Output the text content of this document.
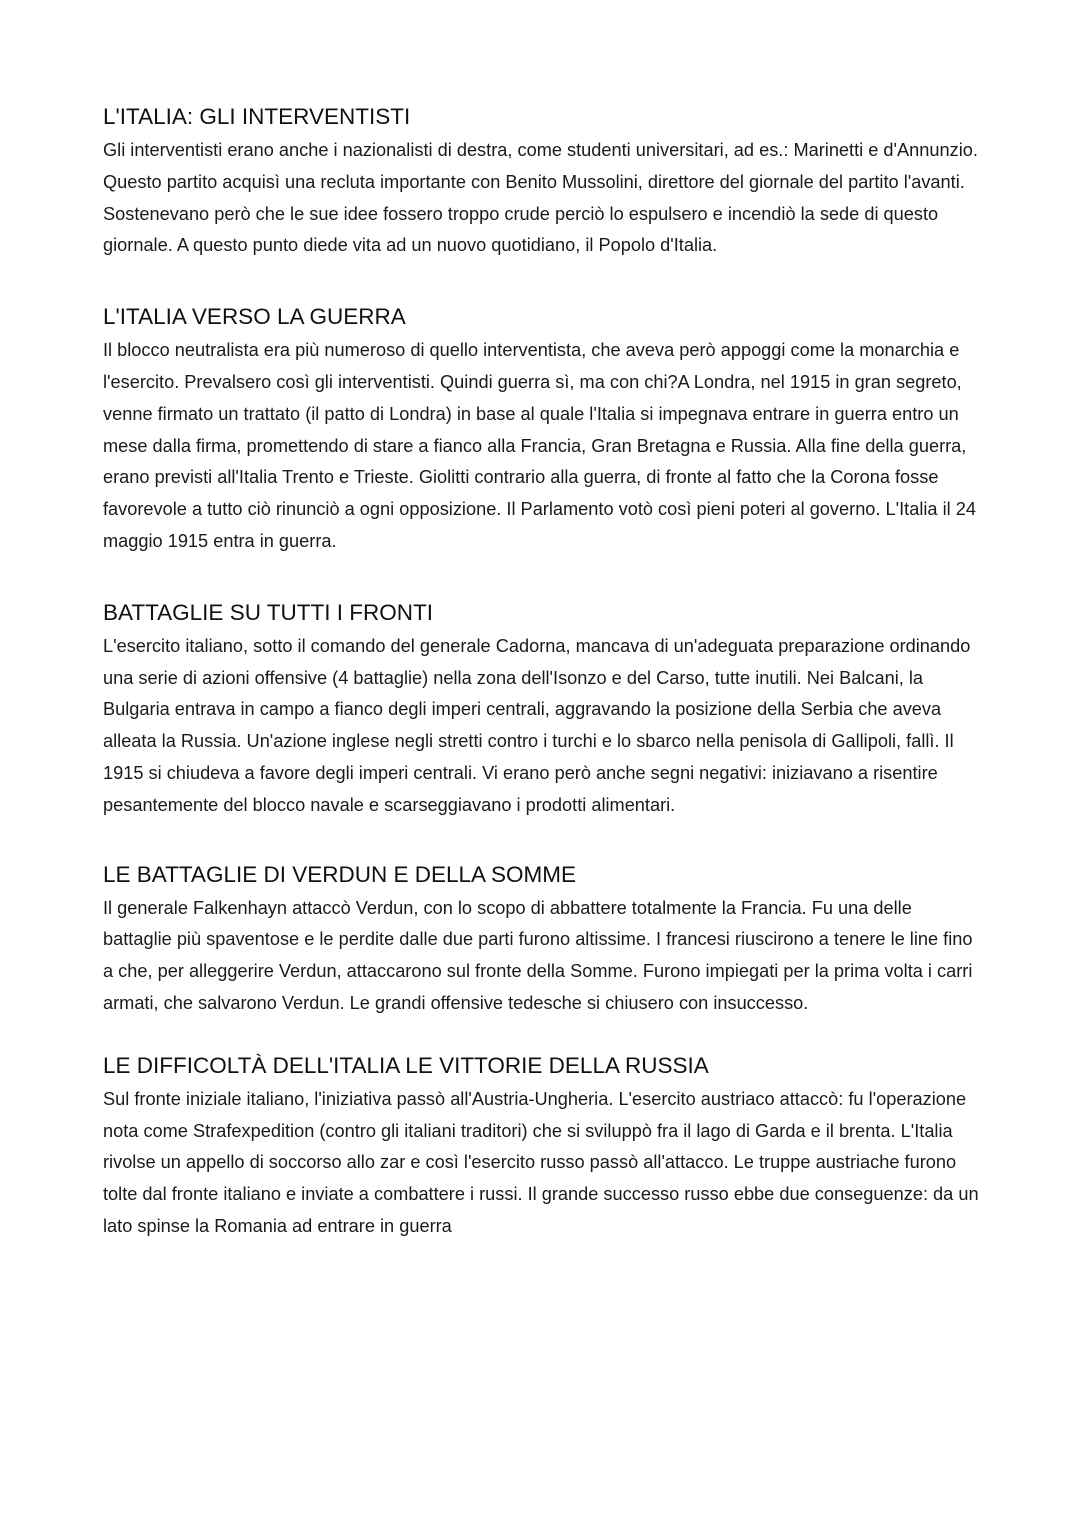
L'ITALIA: GLI INTERVENTISTI

Gli interventisti erano anche i nazionalisti di destra, come studenti universitari, ad es.: Marinetti e d'Annunzio. Questo partito acquisì una recluta importante con Benito Mussolini, direttore del giornale del partito l'avanti. Sostenevano però che le sue idee fossero troppo crude perciò lo espulsero e incendiò la sede di questo giornale. A questo punto diede vita ad un nuovo quotidiano, il Popolo d'Italia.

L'ITALIA VERSO LA GUERRA

Il blocco neutralista era più numeroso di quello interventista, che aveva però appoggi come la monarchia e l'esercito. Prevalsero così gli interventisti. Quindi guerra sì, ma con chi?A Londra, nel 1915 in gran segreto, venne firmato un trattato (il patto di Londra) in base al quale l'Italia si impegnava entrare in guerra entro un mese dalla firma, promettendo di stare a fianco alla Francia, Gran Bretagna e Russia. Alla fine della guerra, erano previsti all'Italia Trento e Trieste. Giolitti contrario alla guerra, di fronte al fatto che la Corona fosse favorevole a tutto ciò rinunciò a ogni opposizione. Il Parlamento votò così pieni poteri al governo. L'Italia il 24 maggio 1915 entra in guerra.

BATTAGLIE SU TUTTI I FRONTI

L'esercito italiano, sotto il comando del generale Cadorna, mancava di un'adeguata preparazione ordinando una serie di azioni offensive (4 battaglie) nella zona dell'Isonzo e del Carso, tutte inutili. Nei Balcani, la Bulgaria entrava in campo a fianco degli imperi centrali, aggravando la posizione della Serbia che aveva alleata la Russia. Un'azione inglese negli stretti contro i turchi e lo sbarco nella penisola di Gallipoli, fallì. Il 1915 si chiudeva a favore degli imperi centrali. Vi erano però anche segni negativi: iniziavano a risentire pesantemente del blocco navale e scarseggiavano i prodotti alimentari.

LE BATTAGLIE DI VERDUN E DELLA SOMME

Il generale Falkenhayn attaccò Verdun, con lo scopo di abbattere totalmente la Francia. Fu una delle battaglie più spaventose e le perdite dalle due parti furono altissime. I francesi riuscirono a tenere le line fino a che, per alleggerire Verdun, attaccarono sul fronte della Somme. Furono impiegati per la prima volta i carri armati, che salvarono Verdun. Le grandi offensive tedesche si chiusero con insuccesso.

LE DIFFICOLTÀ DELL'ITALIA LE VITTORIE DELLA RUSSIA

Sul fronte iniziale italiano, l'iniziativa passò all'Austria-Ungheria. L'esercito austriaco attaccò: fu l'operazione nota come Strafexpedition (contro gli italiani traditori) che si sviluppò fra il lago di Garda e il brenta. L'Italia rivolse un appello di soccorso allo zar e così l'esercito russo passò all'attacco. Le truppe austriache furono tolte dal fronte italiano e inviate a combattere i russi. Il grande successo russo ebbe due conseguenze: da un lato spinse la Romania ad entrare in guerra
